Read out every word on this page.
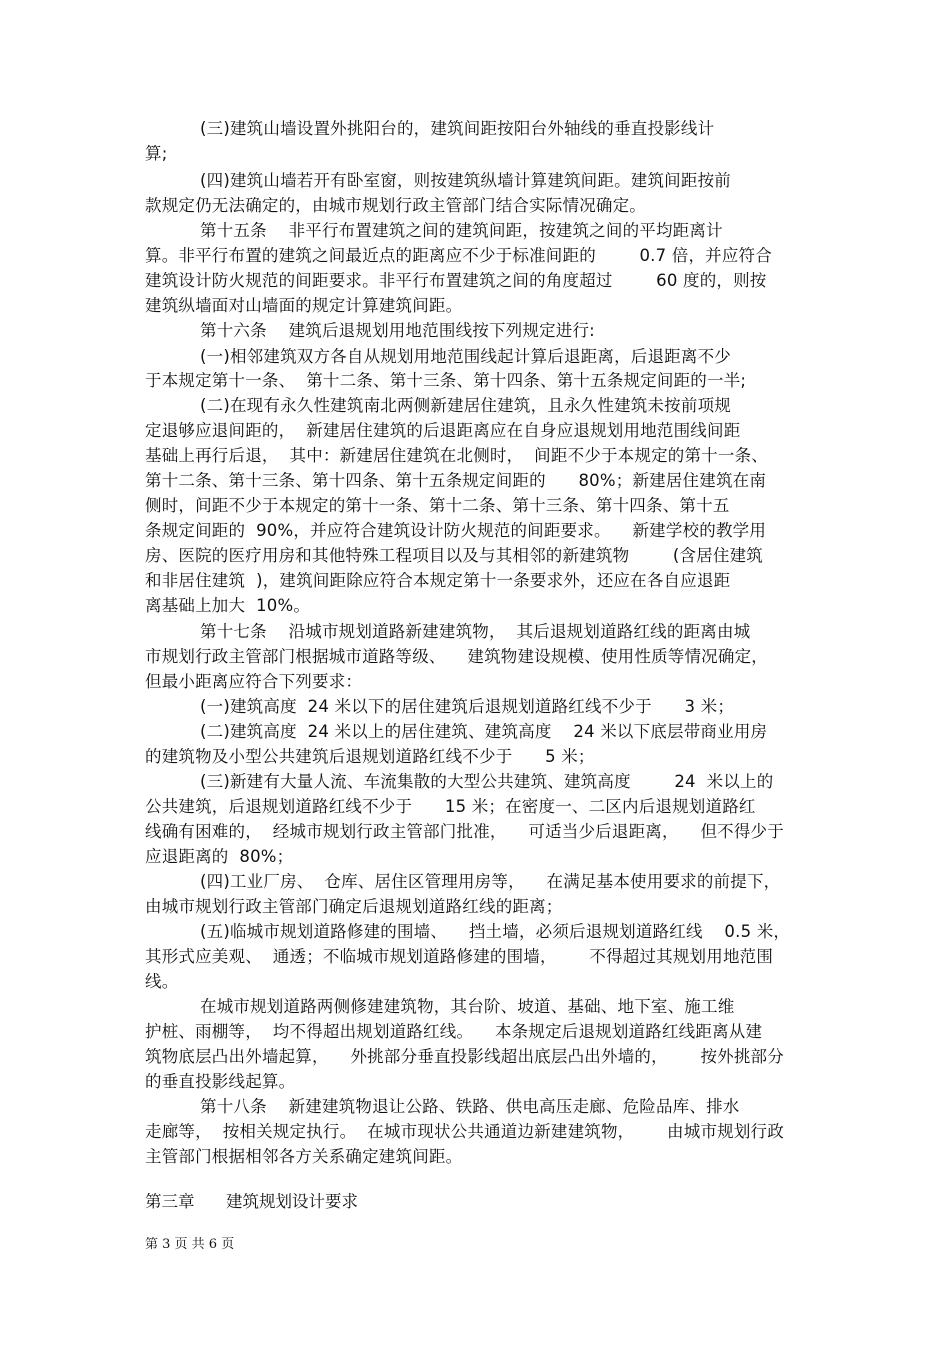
(三)建筑山墙设置外挑阳台的，建筑间距按阳台外轴线的垂直投影线计
算;
(四)建筑山墙若开有卧室窗，则按建筑纵墙计算建筑间距。建筑间距按前
款规定仍无法确定的，由城市规划行政主管部门结合实际情况确定。
第十五条    非平行布置建筑之间的建筑间距，按建筑之间的平均距离计
算。非平行布置的建筑之间最近点的距离应不少于标准间距的        0.7 倍，并应符合
建筑设计防火规范的间距要求。非平行布置建筑之间的角度超过        60 度的，则按
建筑纵墙面对山墙面的规定计算建筑间距。
第十六条    建筑后退规划用地范围线按下列规定进行:
(一)相邻建筑双方各自从规划用地范围线起计算后退距离，后退距离不少
于本规定第十一条、  第十二条、第十三条、第十四条、第十五条规定间距的一半;
(二)在现有永久性建筑南北两侧新建居住建筑，且永久性建筑未按前项规
定退够应退间距的，  新建居住建筑的后退距离应在自身应退规划用地范围线间距
基础上再行后退，  其中：新建居住建筑在北侧时，  间距不少于本规定的第十一条、
第十二条、第十三条、第十四条、第十五条规定间距的      80%；新建居住建筑在南
侧时，间距不少于本规定的第十一条、第十二条、第十三条、第十四条、第十五
条规定间距的  90%，并应符合建筑设计防火规范的间距要求。    新建学校的教学用
房、医院的医疗用房和其他特殊工程项目以及与其相邻的新建筑物        (含居住建筑
和非居住建筑  )，建筑间距除应符合本规定第十一条要求外，还应在各自应退距
离基础上加大  10%。
第十七条    沿城市规划道路新建建筑物，  其后退规划道路红线的距离由城
市规划行政主管部门根据城市道路等级、    建筑物建设规模、使用性质等情况确定，
但最小距离应符合下列要求：
(一)建筑高度  24 米以下的居住建筑后退规划道路红线不少于      3 米；
(二)建筑高度  24 米以上的居住建筑、建筑高度    24 米以下底层带商业用房
的建筑物及小型公共建筑后退规划道路红线不少于      5 米；
(三)新建有大量人流、车流集散的大型公共建筑、建筑高度        24  米以上的
公共建筑，后退规划道路红线不少于      15 米；在密度一、二区内后退规划道路红
线确有困难的，  经城市规划行政主管部门批准，    可适当少后退距离，    但不得少于
应退距离的  80%；
(四)工业厂房、  仓库、居住区管理用房等，    在满足基本使用要求的前提下，
由城市规划行政主管部门确定后退规划道路红线的距离；
(五)临城市规划道路修建的围墙、    挡土墙，必须后退规划道路红线    0.5 米，
其形式应美观、  通透；不临城市规划道路修建的围墙，      不得超过其规划用地范围
线。
在城市规划道路两侧修建建筑物，其台阶、坡道、基础、地下室、施工维
护桩、雨棚等，  均不得超出规划道路红线。    本条规定后退规划道路红线距离从建
筑物底层凸出外墙起算，    外挑部分垂直投影线超出底层凸出外墙的，      按外挑部分
的垂直投影线起算。
第十八条    新建建筑物退让公路、铁路、供电高压走廊、危险品库、排水
走廊等，  按相关规定执行。  在城市现状公共通道边新建建筑物，      由城市规划行政
主管部门根据相邻各方关系确定建筑间距。
第三章      建筑规划设计要求
第 3 页 共 6 页
